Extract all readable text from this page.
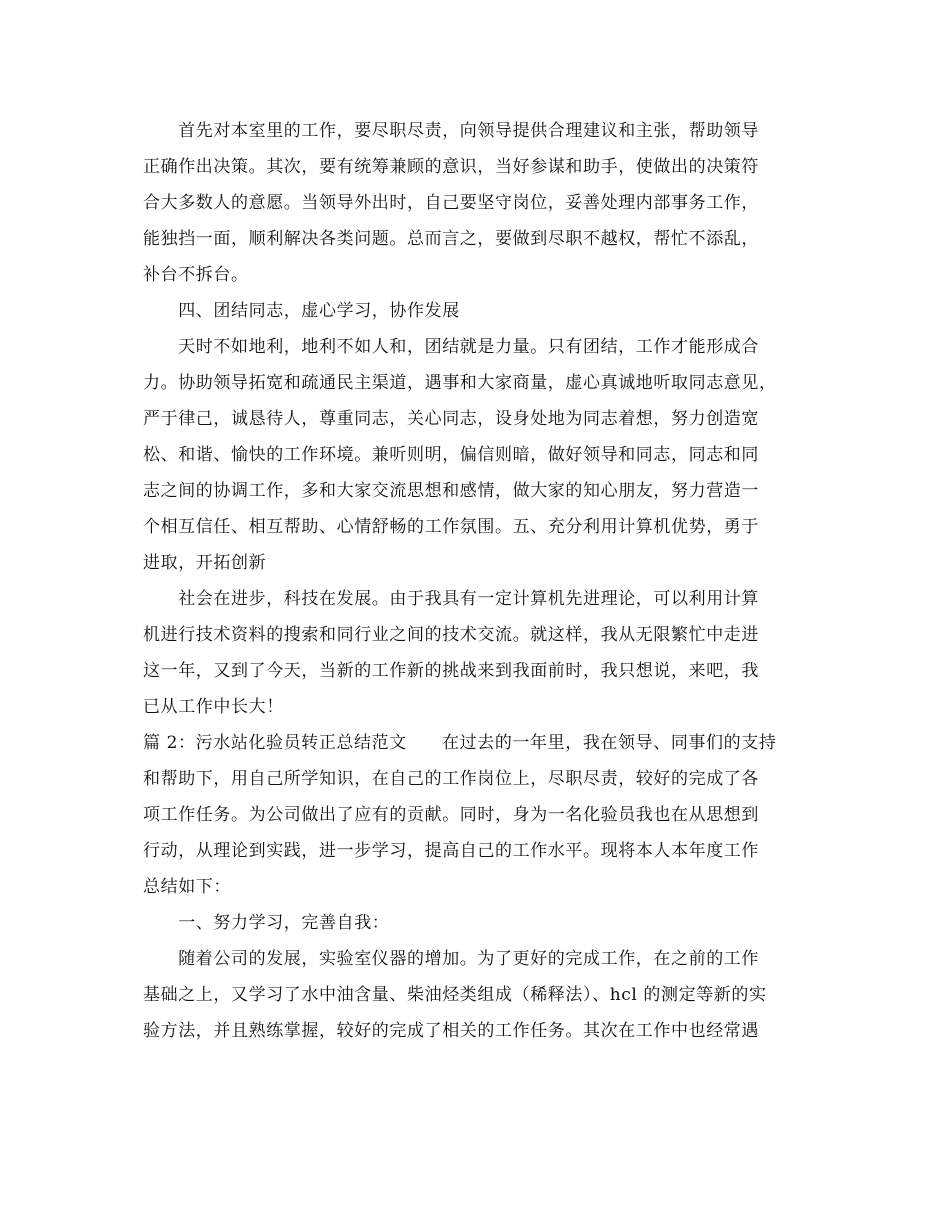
　　首先对本室里的工作，要尽职尽责，向领导提供合理建议和主张，帮助领导
正确作出决策。其次，要有统筹兼顾的意识，当好参谋和助手，使做出的决策符
合大多数人的意愿。当领导外出时，自己要坚守岗位，妥善处理内部事务工作，
能独挡一面，顺利解决各类问题。总而言之，要做到尽职不越权，帮忙不添乱，
补台不拆台。
　　四、团结同志，虚心学习，协作发展
　　天时不如地利，地利不如人和，团结就是力量。只有团结，工作才能形成合
力。协助领导拓宽和疏通民主渠道，遇事和大家商量，虚心真诚地听取同志意见，
严于律己，诚恳待人，尊重同志，关心同志，设身处地为同志着想，努力创造宽
松、和谐、愉快的工作环境。兼听则明，偏信则暗，做好领导和同志，同志和同
志之间的协调工作，多和大家交流思想和感情，做大家的知心朋友，努力营造一
个相互信任、相互帮助、心情舒畅的工作氛围。五、充分利用计算机优势，勇于
进取，开拓创新
　　社会在进步，科技在发展。由于我具有一定计算机先进理论，可以利用计算
机进行技术资料的搜索和同行业之间的技术交流。就这样，我从无限繁忙中走进
这一年，又到了今天，当新的工作新的挑战来到我面前时，我只想说，来吧，我
已从工作中长大！
篇 2：污水站化验员转正总结范文　　在过去的一年里，我在领导、同事们的支持
和帮助下，用自己所学知识，在自己的工作岗位上，尽职尽责，较好的完成了各
项工作任务。为公司做出了应有的贡献。同时，身为一名化验员我也在从思想到
行动，从理论到实践，进一步学习，提高自己的工作水平。现将本人本年度工作
总结如下：
　　一、努力学习，完善自我：
　　随着公司的发展，实验室仪器的增加。为了更好的完成工作，在之前的工作
基础之上，又学习了水中油含量、柴油烃类组成（稀释法）、hcl 的测定等新的实
验方法，并且熟练掌握，较好的完成了相关的工作任务。其次在工作中也经常遇
